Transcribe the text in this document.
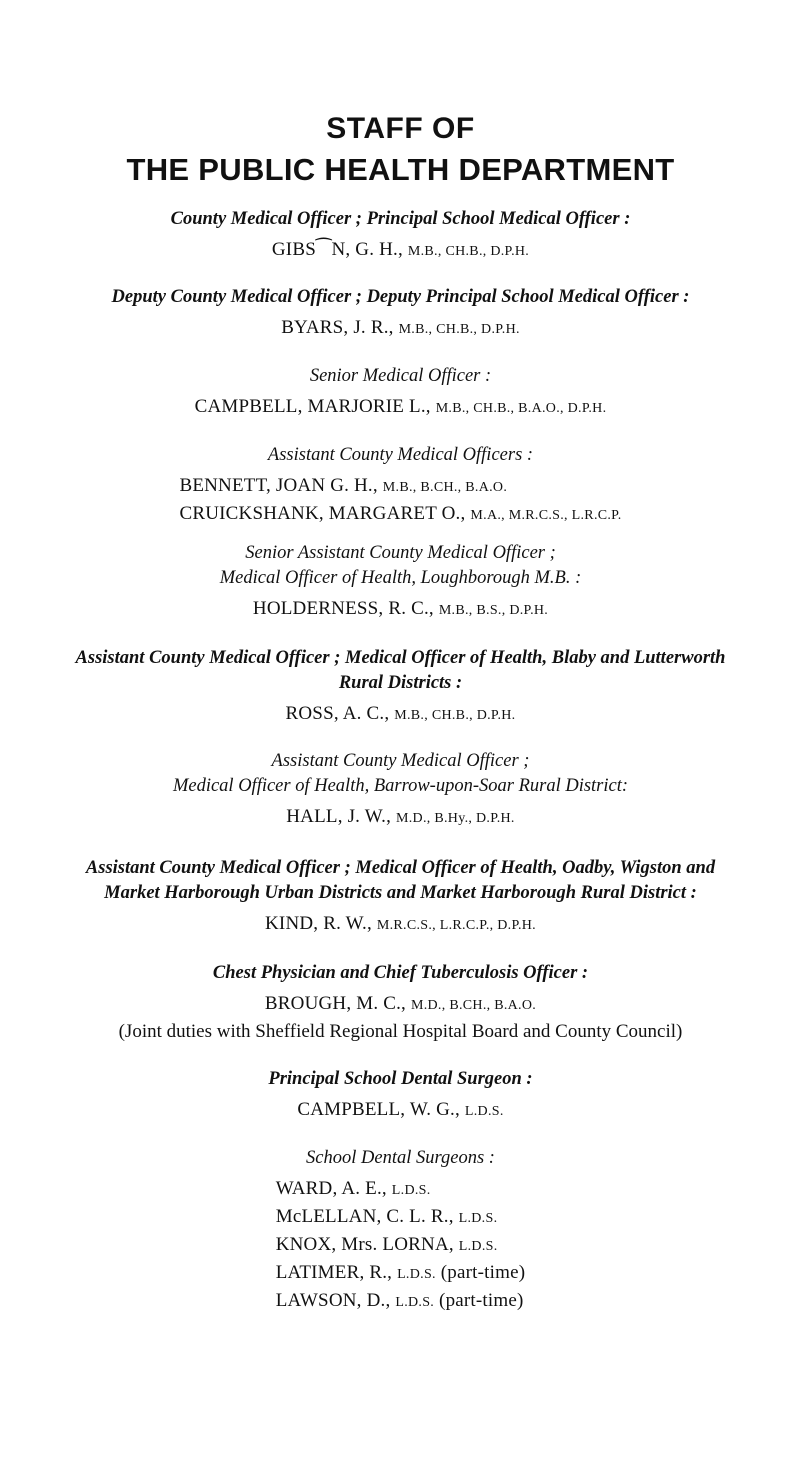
STAFF OF
THE PUBLIC HEALTH DEPARTMENT
County Medical Officer ; Principal School Medical Officer :
GIBS⁀N, G. H., M.B., CH.B., D.P.H.
Deputy County Medical Officer ; Deputy Principal School Medical Officer :
BYARS, J. R., M.B., CH.B., D.P.H.
Senior Medical Officer :
CAMPBELL, MARJORIE L., M.B., CH.B., B.A.O., D.P.H.
Assistant County Medical Officers :
BENNETT, JOAN G. H., M.B., B.CH., B.A.O.
CRUICKSHANK, MARGARET O., M.A., M.R.C.S., L.R.C.P.
Senior Assistant County Medical Officer ;
Medical Officer of Health, Loughborough M.B. :
HOLDERNESS, R. C., M.B., B.S., D.P.H.
Assistant County Medical Officer ; Medical Officer of Health, Blaby and Lutterworth
Rural Districts :
ROSS, A. C., M.B., CH.B., D.P.H.
Assistant County Medical Officer ;
Medical Officer of Health, Barrow-upon-Soar Rural District:
HALL, J. W., M.D., B.Hy., D.P.H.
Assistant County Medical Officer ; Medical Officer of Health, Oadby, Wigston and
Market Harborough Urban Districts and Market Harborough Rural District :
KIND, R. W., M.R.C.S., L.R.C.P., D.P.H.
Chest Physician and Chief Tuberculosis Officer :
BROUGH, M. C., M.D., B.CH., B.A.O.
(Joint duties with Sheffield Regional Hospital Board and County Council)
Principal School Dental Surgeon :
CAMPBELL, W. G., L.D.S.
School Dental Surgeons :
WARD, A. E., L.D.S.
McLELLAN, C. L. R., L.D.S.
KNOX, Mrs. LORNA, L.D.S.
LATIMER, R., L.D.S. (part-time)
LAWSON, D., L.D.S. (part-time)
